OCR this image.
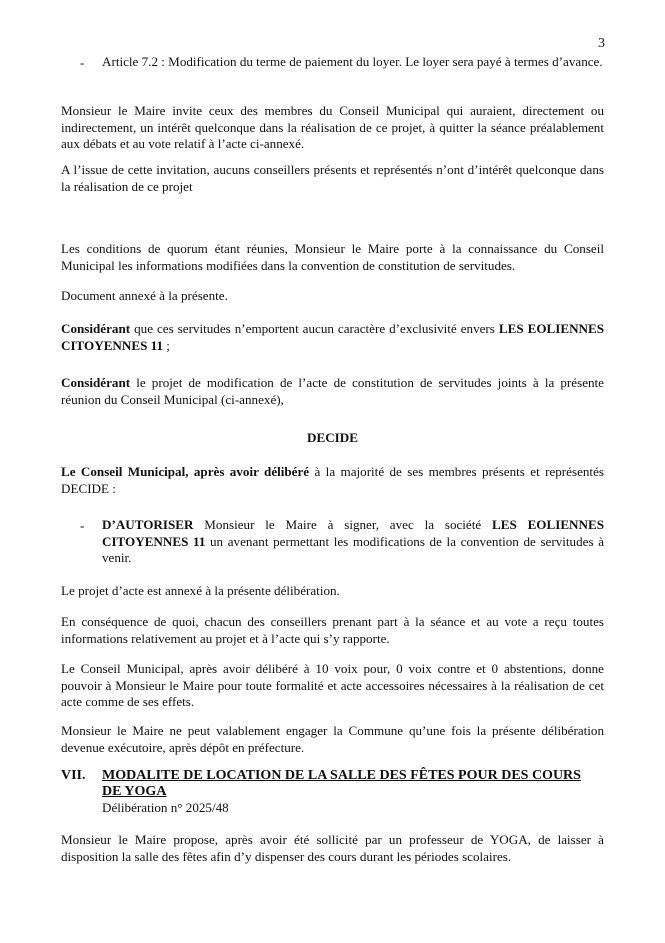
3
- Article 7.2 : Modification du terme de paiement du loyer. Le loyer sera payé à termes d’avance.
Monsieur le Maire invite ceux des membres du Conseil Municipal qui auraient, directement ou indirectement, un intérêt quelconque dans la réalisation de ce projet, à quitter la séance préalablement aux débats et au vote relatif à l’acte ci-annexé.
A l’issue de cette invitation, aucuns conseillers présents et représentés n’ont d’intérêt quelconque dans la réalisation de ce projet
Les conditions de quorum étant réunies, Monsieur le Maire porte à la connaissance du Conseil Municipal les informations modifiées dans la convention de constitution de servitudes.
Document annexé à la présente.
Considérant que ces servitudes n’emportent aucun caractère d’exclusivité envers LES EOLIENNES CITOYENNES 11 ;
Considérant le projet de modification de l’acte de constitution de servitudes joints à la présente réunion du Conseil Municipal (ci-annexé),
DECIDE
Le Conseil Municipal, après avoir délibéré à la majorité de ses membres présents et représentés DECIDE :
- D’AUTORISER Monsieur le Maire à signer, avec la société LES EOLIENNES CITOYENNES 11 un avenant permettant les modifications de la convention de servitudes à venir.
Le projet d’acte est annexé à la présente délibération.
En conséquence de quoi, chacun des conseillers prenant part à la séance et au vote a reçu toutes informations relativement au projet et à l’acte qui s’y rapporte.
Le Conseil Municipal, après avoir délibéré à 10 voix pour, 0 voix contre et 0 abstentions, donne pouvoir à Monsieur le Maire pour toute formalité et acte accessoires nécessaires à la réalisation de cet acte comme de ses effets.
Monsieur le Maire ne peut valablement engager la Commune qu’une fois la présente délibération devenue exécutoire, après dépôt en préfecture.
VII. MODALITE DE LOCATION DE LA SALLE DES FÊTES POUR DES COURS DE YOGA
Délibération n° 2025/48
Monsieur le Maire propose, après avoir été sollicité par un professeur de YOGA, de laisser à disposition la salle des fêtes afin d’y dispenser des cours durant les périodes scolaires.
